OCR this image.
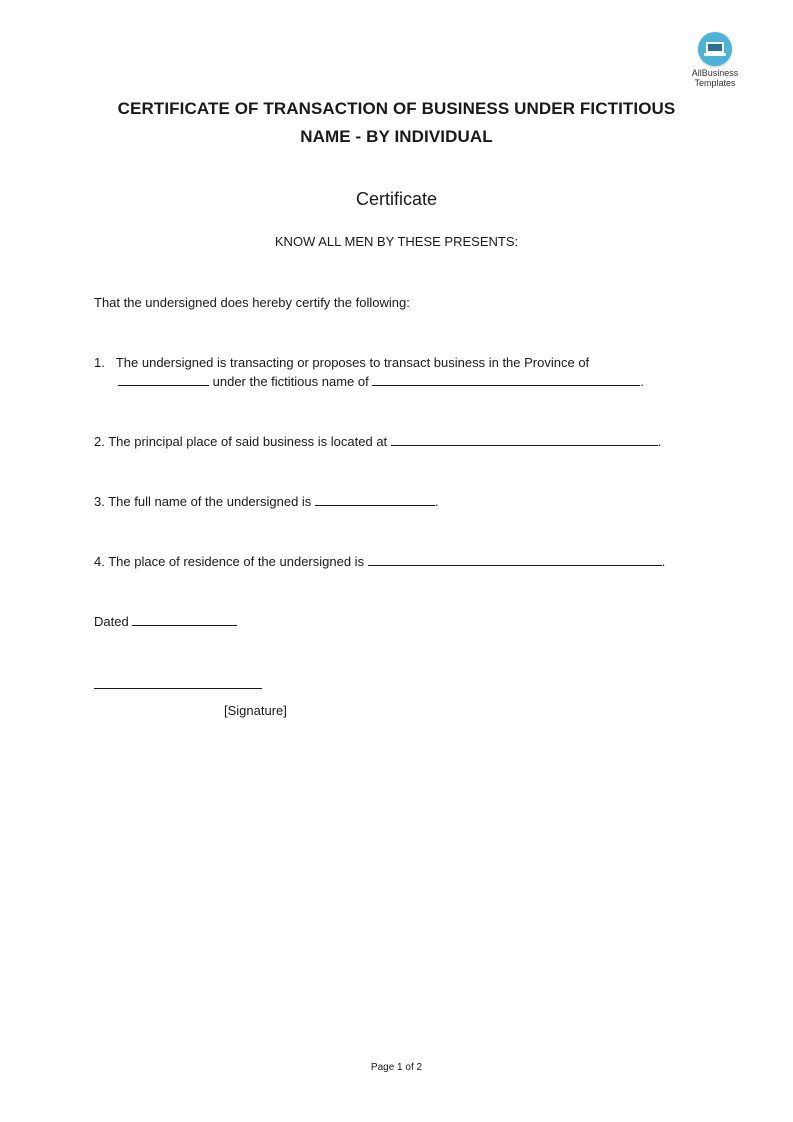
AllBusiness
Templates
CERTIFICATE OF TRANSACTION OF BUSINESS UNDER FICTITIOUS
NAME - BY INDIVIDUAL
Certificate
KNOW ALL MEN BY THESE PRESENTS:
That the undersigned does hereby certify the following:
1. The undersigned is transacting or proposes to transact business in the Province of
under the fictitious name of	.
2. The principal place of said business is located at	.
3. The full name of the undersigned is	.
4. The place of residence of the undersigned is	.
Dated
[Signature]
Page 1 of 2
